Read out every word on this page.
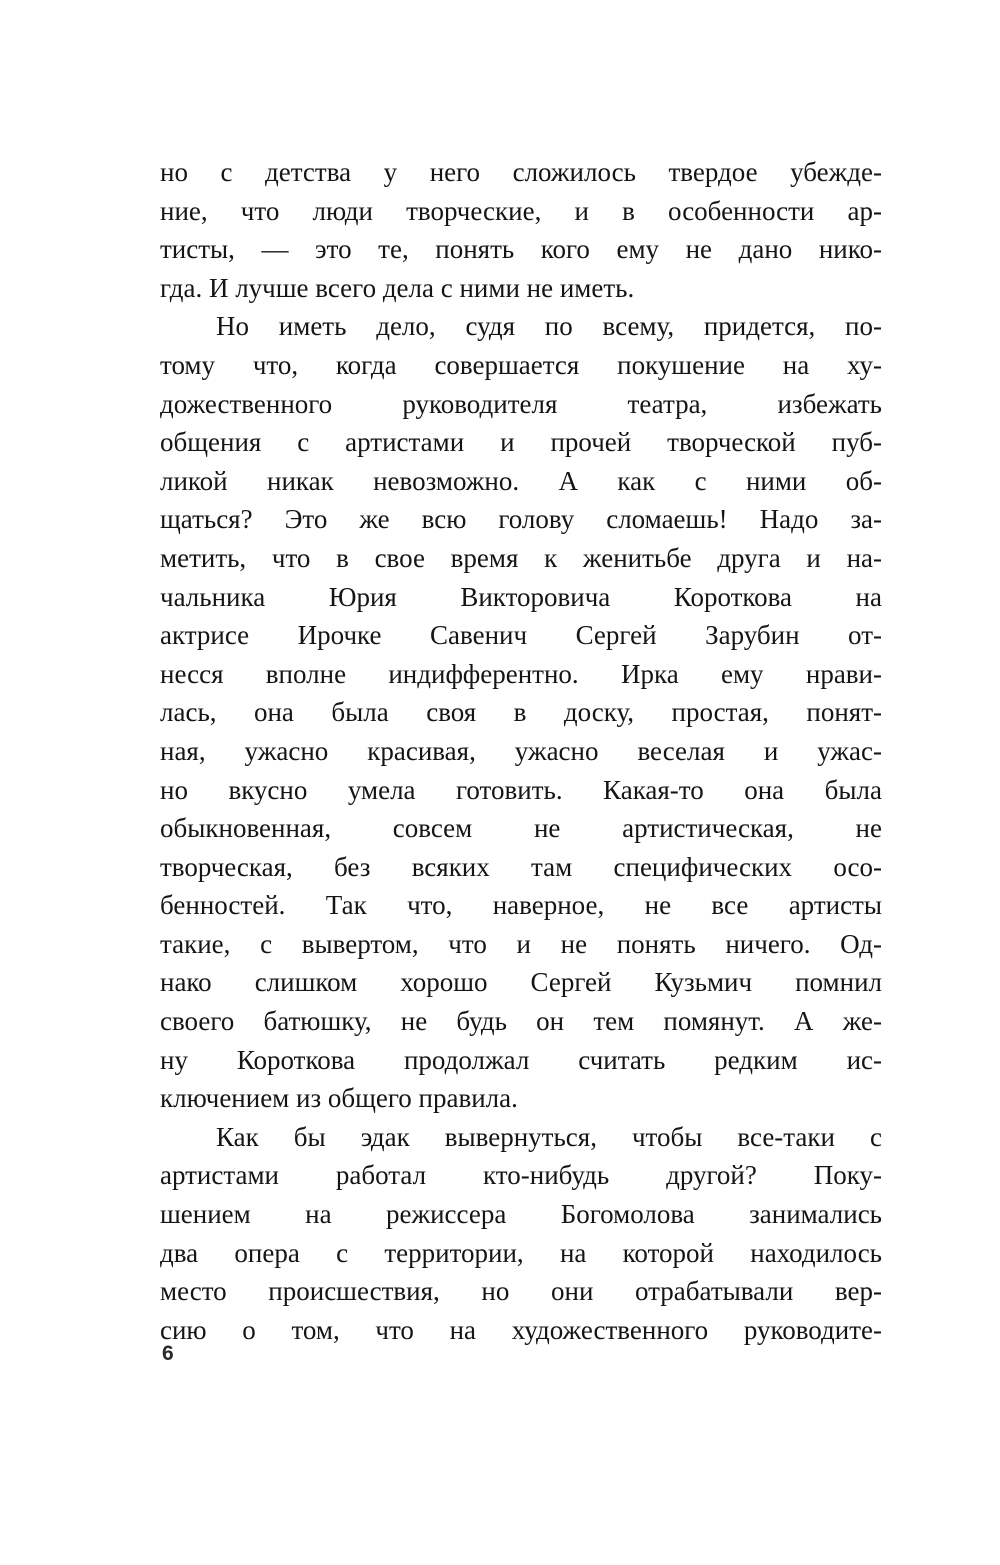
но с детства у него сложилось твердое убежде-
ние, что люди творческие, и в особенности ар-
тисты, — это те, понять кого ему не дано нико-
гда. И лучше всего дела с ними не иметь.
Но иметь дело, судя по всему, придется, по-
тому что, когда совершается покушение на ху-
дожественного руководителя театра, избежать
общения с артистами и прочей творческой пуб-
ликой никак невозможно. А как с ними об-
щаться? Это же всю голову сломаешь! Надо за-
метить, что в свое время к женитьбе друга и на-
чальника Юрия Викторовича Короткова на
актрисе Ирочке Савенич Сергей Зарубин от-
несся вполне индифферентно. Ирка ему нрави-
лась, она была своя в доску, простая, понят-
ная, ужасно красивая, ужасно веселая и ужас-
но вкусно умела готовить. Какая-то она была
обыкновенная, совсем не артистическая, не
творческая, без всяких там специфических осо-
бенностей. Так что, наверное, не все артисты
такие, с вывертом, что и не понять ничего. Од-
нако слишком хорошо Сергей Кузьмич помнил
своего батюшку, не будь он тем помянут. А же-
ну Короткова продолжал считать редким ис-
ключением из общего правила.
Как бы эдак вывернуться, чтобы все-таки с
артистами работал кто-нибудь другой? Поку-
шением на режиссера Богомолова занимались
два опера с территории, на которой находилось
место происшествия, но они отрабатывали вер-
сию о том, что на художественного руководите-
6
